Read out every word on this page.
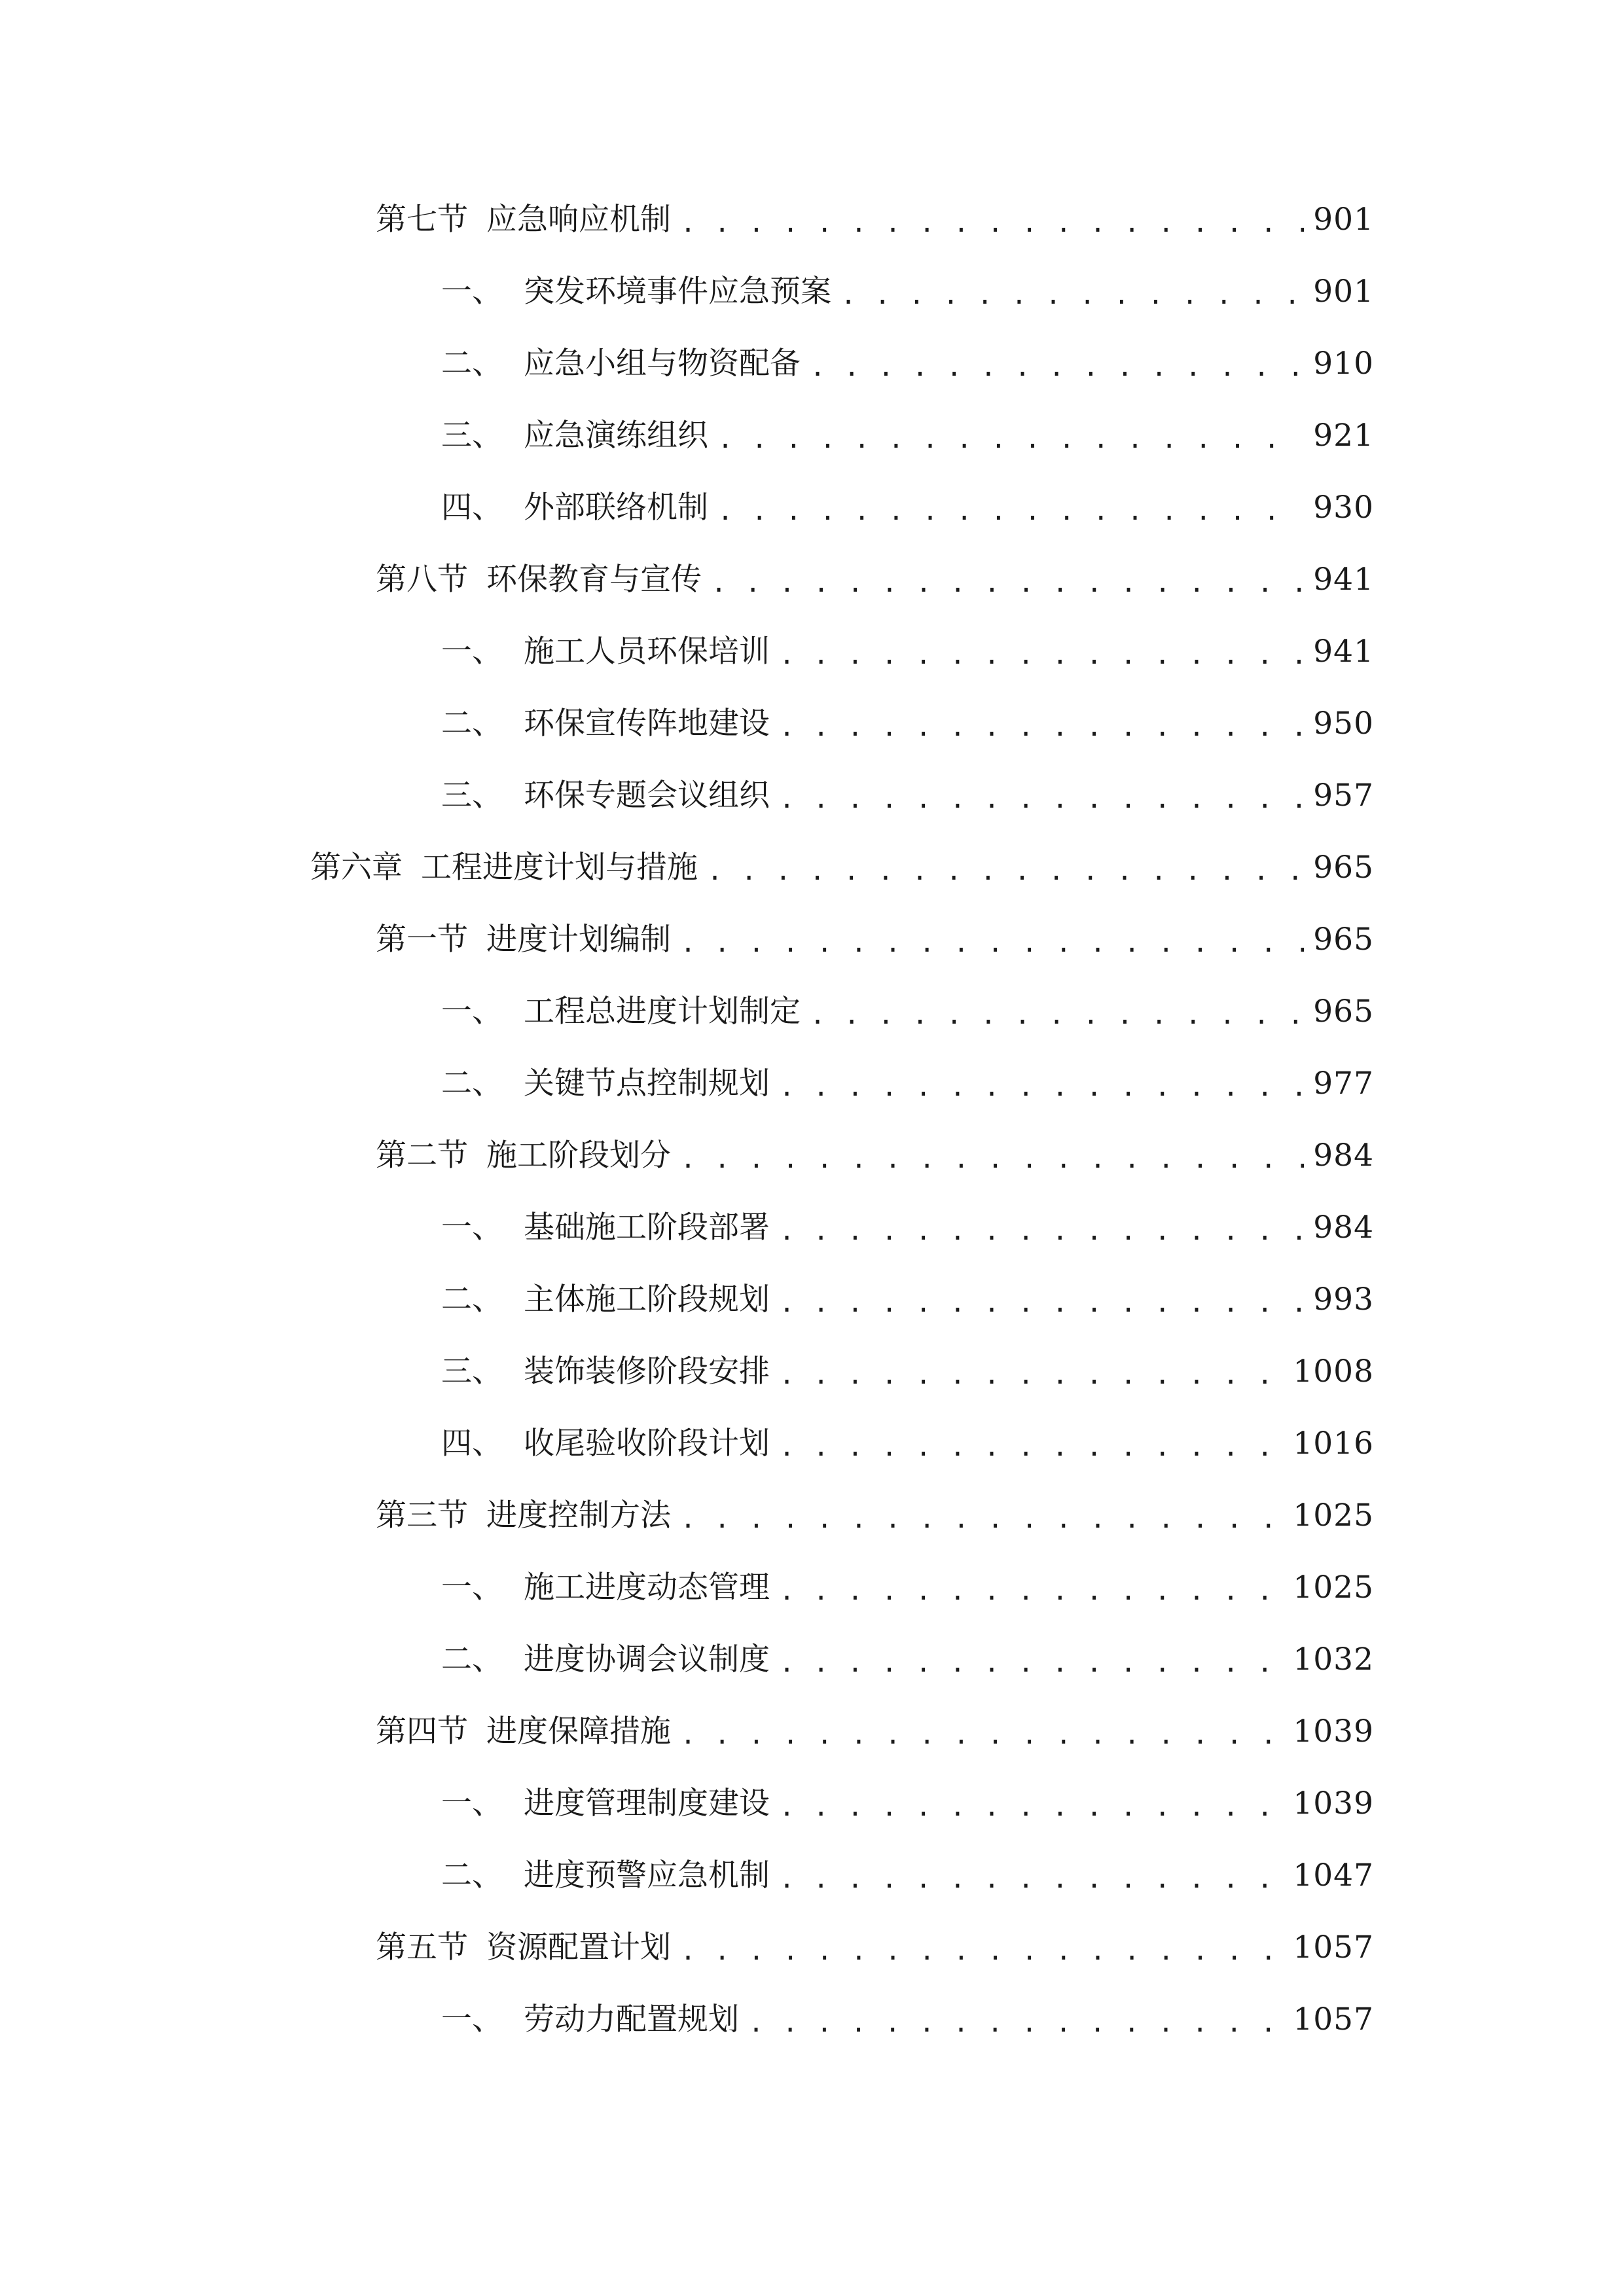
第七节 应急响应机制 . . .	901
一、 突发环境事件应急预案 . . .	901
二、 应急小组与物资配备 . . .	910
三、 应急演练组织 . . .	921
四、 外部联络机制 . . .	930
第八节 环保教育与宣传 . . .	941
一、 施工人员环保培训 . . .	941
二、 环保宣传阵地建设 . . .	950
三、 环保专题会议组织 . . .	957
第六章 工程进度计划与措施 . . .	965
第一节 进度计划编制 . . .	965
一、 工程总进度计划制定 . . .	965
二、 关键节点控制规划 . . .	977
第二节 施工阶段划分 . . .	984
一、 基础施工阶段部署 . . .	984
二、 主体施工阶段规划 . . .	993
三、 装饰装修阶段安排 . . .	1008
四、 收尾验收阶段计划 . . .	1016
第三节 进度控制方法 . . .	1025
一、 施工进度动态管理 . . .	1025
二、 进度协调会议制度 . . .	1032
第四节 进度保障措施 . . .	1039
一、 进度管理制度建设 . . .	1039
二、 进度预警应急机制 . . .	1047
第五节 资源配置计划 . . .	1057
一、 劳动力配置规划 . . .	1057
